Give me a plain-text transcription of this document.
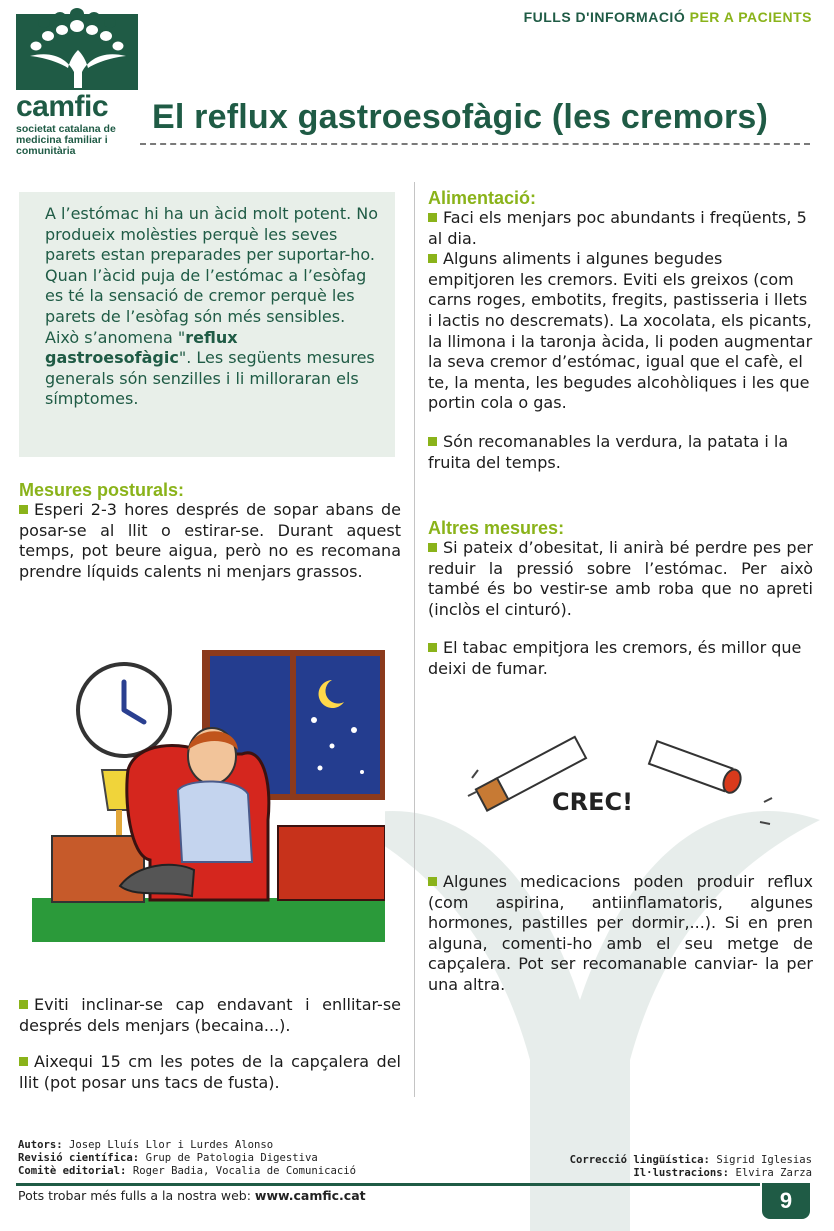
camfic
societat catalana de
medicina familiar i
comunitària
FULLS D'INFORMACIÓ PER A PACIENTS
El reflux gastroesofàgic (les cremors)

A l’estómac hi ha un àcid molt potent. No produeix molèsties perquè les seves parets estan preparades per suportar-ho.
Quan l’àcid puja de l’estómac a l’esòfag es té la sensació de cremor perquè les parets de l’esòfag són més sensibles. Això s’anomena "reflux gastroesofàgic". Les següents mesures generals són senzilles i li milloraran els símptomes.

Mesures posturals:

Esperi 2-3 hores després de sopar abans de posar-se al llit o estirar-se. Durant aquest temps, pot beure aigua, però no es recomana prendre líquids calents ni menjars grassos.

Eviti inclinar-se cap endavant i enllitar-se després dels menjars (becaina...).

Aixequi 15 cm les potes de la capçalera del llit (pot posar uns tacs de fusta).

Alimentació:

Faci els menjars poc abundants i freqüents, 5 al dia.

Alguns aliments i algunes begudes empitjoren les cremors. Eviti els greixos (com carns roges, embotits, fregits, pastisseria i llets i lactis no descremats). La xocolata, els picants, la llimona i la taronja àcida, li poden augmentar la seva cremor d’estómac, igual que el cafè, el te, la menta, les begudes alcohòliques i les que portin cola o gas.

Són recomanables la verdura, la patata i la fruita del temps.

Altres mesures:

Si pateix d’obesitat, li anirà bé perdre pes per reduir la pressió sobre l’estómac. Per això també és bo vestir-se amb roba que no apreti (inclòs el cinturó).

El tabac empitjora les cremors, és millor que deixi de fumar.

CREC!

Algunes medicacions poden produir reflux (com aspirina, antiinflamatoris, algunes hormones, pastilles per dormir,...). Si en pren alguna, comenti-ho amb el seu metge de capçalera. Pot ser recomanable canviar- la per una altra.

Autors: Josep Lluís Llor i Lurdes Alonso
Revisió científica: Grup de Patologia Digestiva
Comitè editorial: Roger Badia, Vocalia de Comunicació
Correcció lingüística: Sigrid Iglesias
Il·lustracions: Elvira Zarza
Pots trobar més fulls a la nostra web: www.camfic.cat	9
